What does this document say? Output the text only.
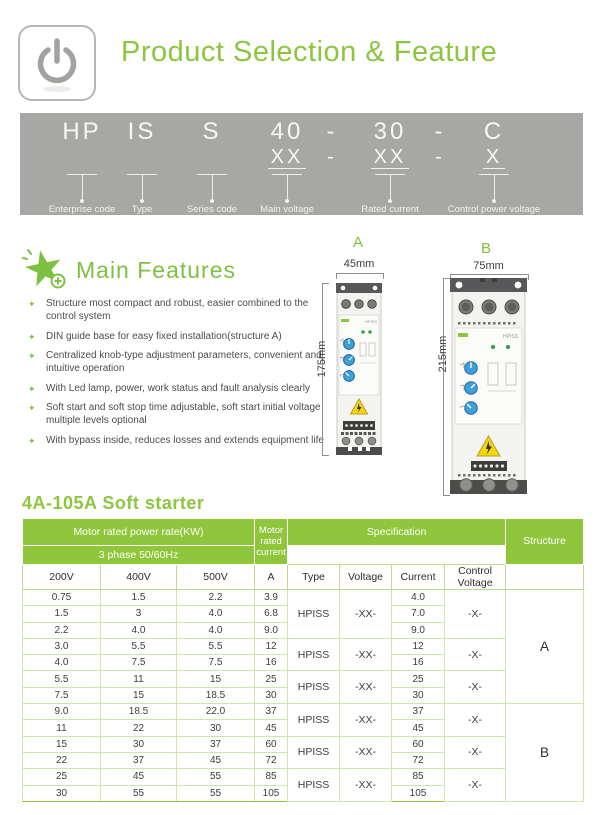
Product Selection & Feature
HP
Enterprise code
IS
Type
S
Series code
40
XX
Main voltage
-
-
30
XX
Rated current
-
-
C
X
Control power voltage
Main Features
✦ Structure most compact and robust, easier combined to the control system
✦ DIN guide base for easy fixed installation(structure A)
✦ Centralized knob-type adjustment parameters, convenient and intuitive operation
✦ With Led lamp, power, work status and fault analysis clearly
✦ Soft start and soft stop time adjustable, soft start initial voltage multiple levels optional
✦ With bypass inside, reduces losses and extends equipment life
A
45mm
175mm
HPISS
B
75mm
215mm	HPISS
4A-105A Soft starter
Motor rated power rate(KW)			Motor rated current	Specification				Structure
3 phase 50/60Hz								
200V	400V	500V	A	Type	Voltage	Current	Control Voltage	
0.75	1.5	2.2	3.9	HPISS	-XX-	4.0	-X-	A
1.5	3	4.0	6.8			7.0		
2.2	4.0	4.0	9.0			9.0		
3.0	5.5	5.5	12	HPISS	-XX-	12	-X-	
4.0	7.5	7.5	16			16		
5.5	11	15	25	HPISS	-XX-	25	-X-	
7.5	15	18.5	30			30		
9.0	18.5	22.0	37	HPISS	-XX-	37	-X-	B
11	22	30	45			45		
15	30	37	60	HPISS	-XX-	60	-X-	
22	37	45	72			72		
25	45	55	85	HPISS	-XX-	85	-X-	
30	55	55	105			105		
